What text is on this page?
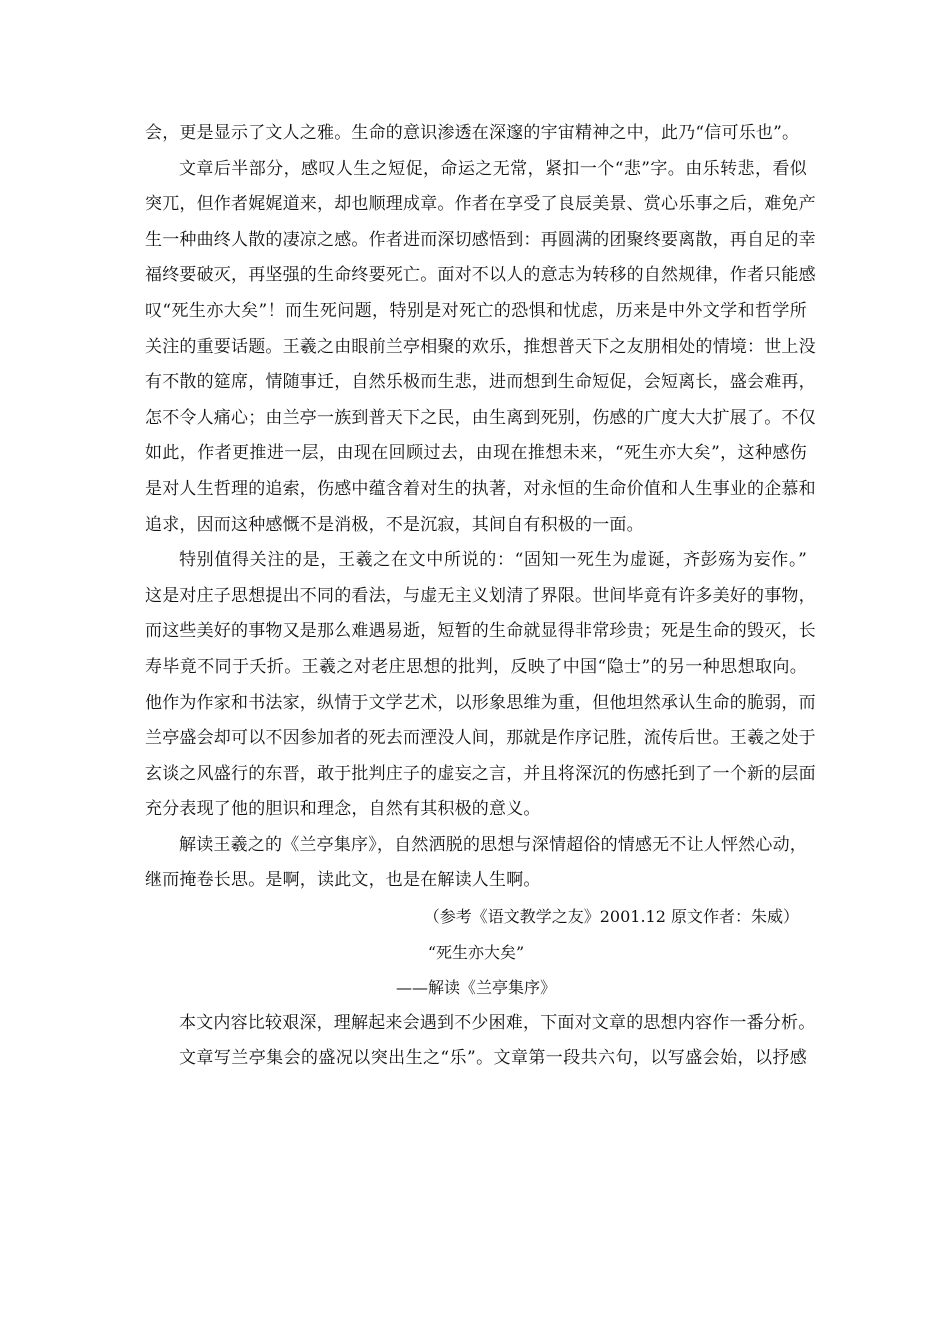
会，更是显示了文人之雅。生命的意识渗透在深邃的宇宙精神之中，此乃“信可乐也”。
文章后半部分，感叹人生之短促，命运之无常，紧扣一个“悲”字。由乐转悲，看似
突兀，但作者娓娓道来，却也顺理成章。作者在享受了良辰美景、赏心乐事之后，难免产
生一种曲终人散的凄凉之感。作者进而深切感悟到：再圆满的团聚终要离散，再自足的幸
福终要破灭，再坚强的生命终要死亡。面对不以人的意志为转移的自然规律，作者只能感
叹“死生亦大矣”！而生死问题，特别是对死亡的恐惧和忧虑，历来是中外文学和哲学所
关注的重要话题。王羲之由眼前兰亭相聚的欢乐，推想普天下之友朋相处的情境：世上没
有不散的筵席，情随事迁，自然乐极而生悲，进而想到生命短促，会短离长，盛会难再，
怎不令人痛心；由兰亭一族到普天下之民，由生离到死别，伤感的广度大大扩展了。不仅
如此，作者更推进一层，由现在回顾过去，由现在推想未来，“死生亦大矣”，这种感伤
是对人生哲理的追索，伤感中蕴含着对生的执著，对永恒的生命价值和人生事业的企慕和
追求，因而这种感慨不是消极，不是沉寂，其间自有积极的一面。
特别值得关注的是，王羲之在文中所说的：“固知一死生为虚诞，齐彭殇为妄作。”
这是对庄子思想提出不同的看法，与虚无主义划清了界限。世间毕竟有许多美好的事物，
而这些美好的事物又是那么难遇易逝，短暂的生命就显得非常珍贵；死是生命的毁灭，长
寿毕竟不同于夭折。王羲之对老庄思想的批判，反映了中国“隐士”的另一种思想取向。
他作为作家和书法家，纵情于文学艺术，以形象思维为重，但他坦然承认生命的脆弱，而
兰亭盛会却可以不因参加者的死去而湮没人间，那就是作序记胜，流传后世。王羲之处于
玄谈之风盛行的东晋，敢于批判庄子的虚妄之言，并且将深沉的伤感托到了一个新的层面
充分表现了他的胆识和理念，自然有其积极的意义。
解读王羲之的《兰亭集序》，自然洒脱的思想与深情超俗的情感无不让人怦然心动，
继而掩卷长思。是啊，读此文，也是在解读人生啊。
（参考《语文教学之友》2001.12 原文作者：朱威）
“死生亦大矣”
——解读《兰亭集序》
本文内容比较艰深，理解起来会遇到不少困难，下面对文章的思想内容作一番分析。
文章写兰亭集会的盛况以突出生之“乐”。文章第一段共六句，以写盛会始，以抒感
